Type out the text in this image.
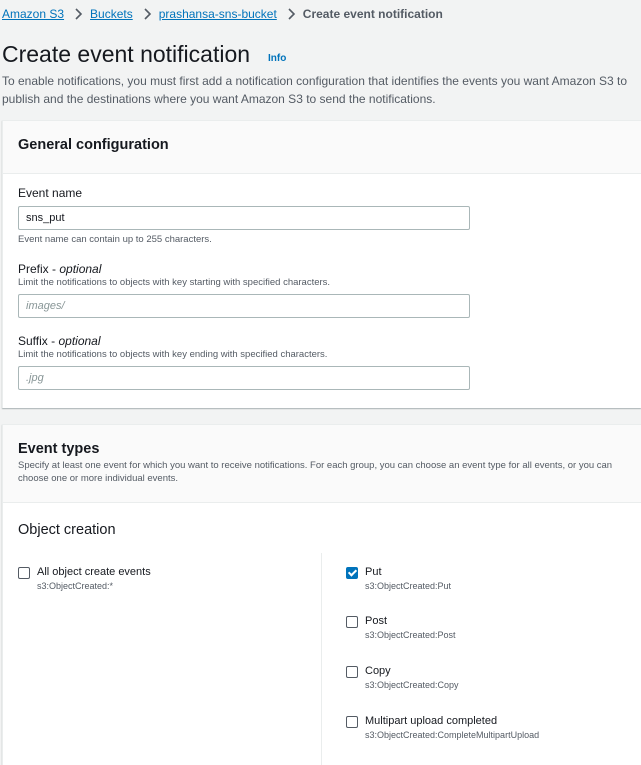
Amazon S3 Buckets prashansa-sns-bucket Create event notification
Create event notification Info

To enable notifications, you must first add a notification configuration that identifies the events you want Amazon S3 to publish and the destinations where you want Amazon S3 to send the notifications.

General configuration
Event name
sns_put
Event name can contain up to 255 characters.
Prefix - optional
Limit the notifications to objects with key starting with specified characters.
images/
Suffix - optional
Limit the notifications to objects with key ending with specified characters.
.jpg
Event types

Specify at least one event for which you want to receive notifications. For each group, you can choose an event type for all events, or you can choose one or more individual events.

Object creation
All object create events
s3:ObjectCreated:*
Put
s3:ObjectCreated:Put
Post
s3:ObjectCreated:Post
Copy
s3:ObjectCreated:Copy
Multipart upload completed
s3:ObjectCreated:CompleteMultipartUpload
